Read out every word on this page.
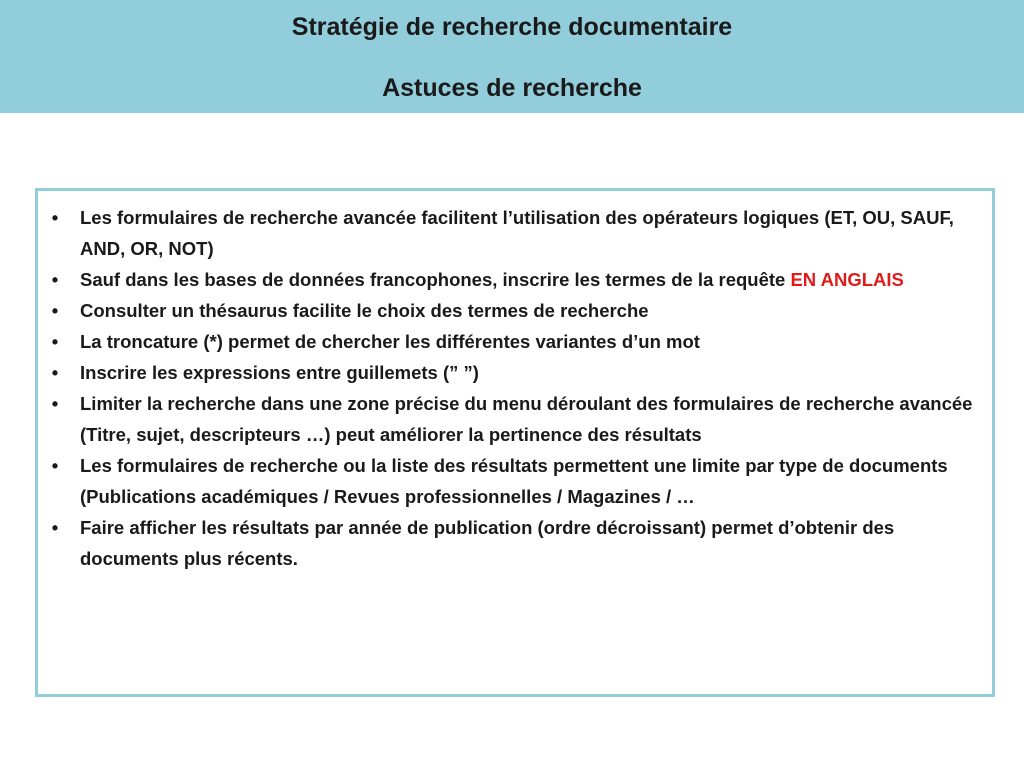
Stratégie de recherche documentaire
Astuces de recherche
• Les formulaires de recherche avancée facilitent l’utilisation des opérateurs logiques (ET, OU, SAUF, AND, OR, NOT)
• Sauf dans les bases de données francophones, inscrire les termes de la requête EN ANGLAIS
• Consulter un thésaurus facilite le choix des termes de recherche
• La troncature (*) permet de chercher les différentes variantes d’un mot
• Inscrire les expressions entre guillemets (” ”)
• Limiter la recherche dans une zone précise du menu déroulant des formulaires de recherche avancée (Titre, sujet, descripteurs …) peut améliorer la pertinence des résultats
• Les formulaires de recherche ou la liste des résultats permettent une limite par type de documents (Publications académiques / Revues professionnelles / Magazines / …
• Faire afficher les résultats par année de publication (ordre décroissant) permet d’obtenir des documents plus récents.
